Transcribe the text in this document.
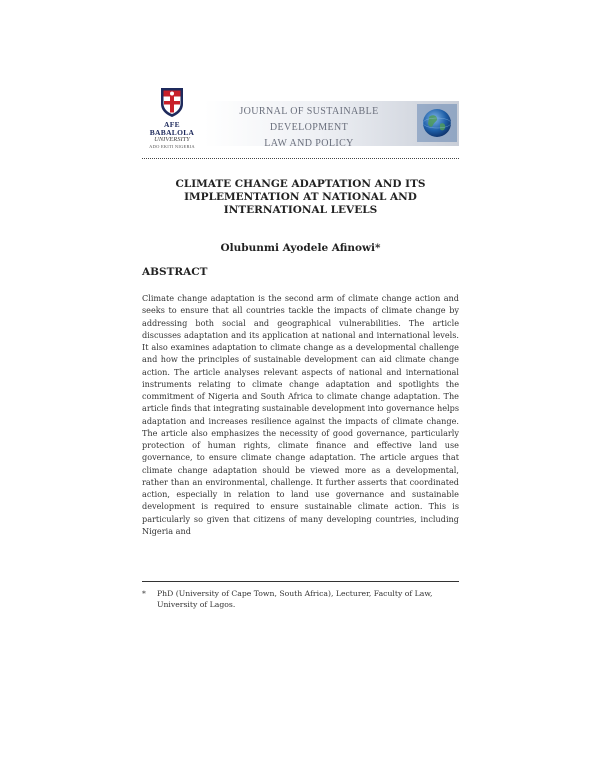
AFE BABALOLA
UNIVERSITY
ADO EKITI NIGERIA
JOURNAL OF SUSTAINABLE DEVELOPMENT
LAW AND POLICY
CLIMATE CHANGE ADAPTATION AND ITS IMPLEMENTATION AT NATIONAL AND INTERNATIONAL LEVELS
Olubunmi Ayodele Afinowi*
ABSTRACT
Climate change adaptation is the second arm of climate change action and seeks to ensure that all countries tackle the impacts of climate change by addressing both social and geographical vulnerabilities. The article discusses adaptation and its application at national and international levels. It also examines adaptation to climate change as a developmental challenge and how the principles of sustainable development can aid climate change action. The article analyses relevant aspects of national and international instruments relating to climate change adaptation and spotlights the commitment of Nigeria and South Africa to climate change adaptation. The article finds that integrating sustainable development into governance helps adaptation and increases resilience against the impacts of climate change. The article also emphasizes the necessity of good governance, particularly protection of human rights, climate finance and effective land use governance, to ensure climate change adaptation. The article argues that climate change adaptation should be viewed more as a developmental, rather than an environmental, challenge. It further asserts that coordinated action, especially in relation to land use governance and sustainable development is required to ensure sustainable climate action. This is particularly so given that citizens of many developing countries, including Nigeria and
* PhD (University of Cape Town, South Africa), Lecturer, Faculty of Law, University of Lagos.
